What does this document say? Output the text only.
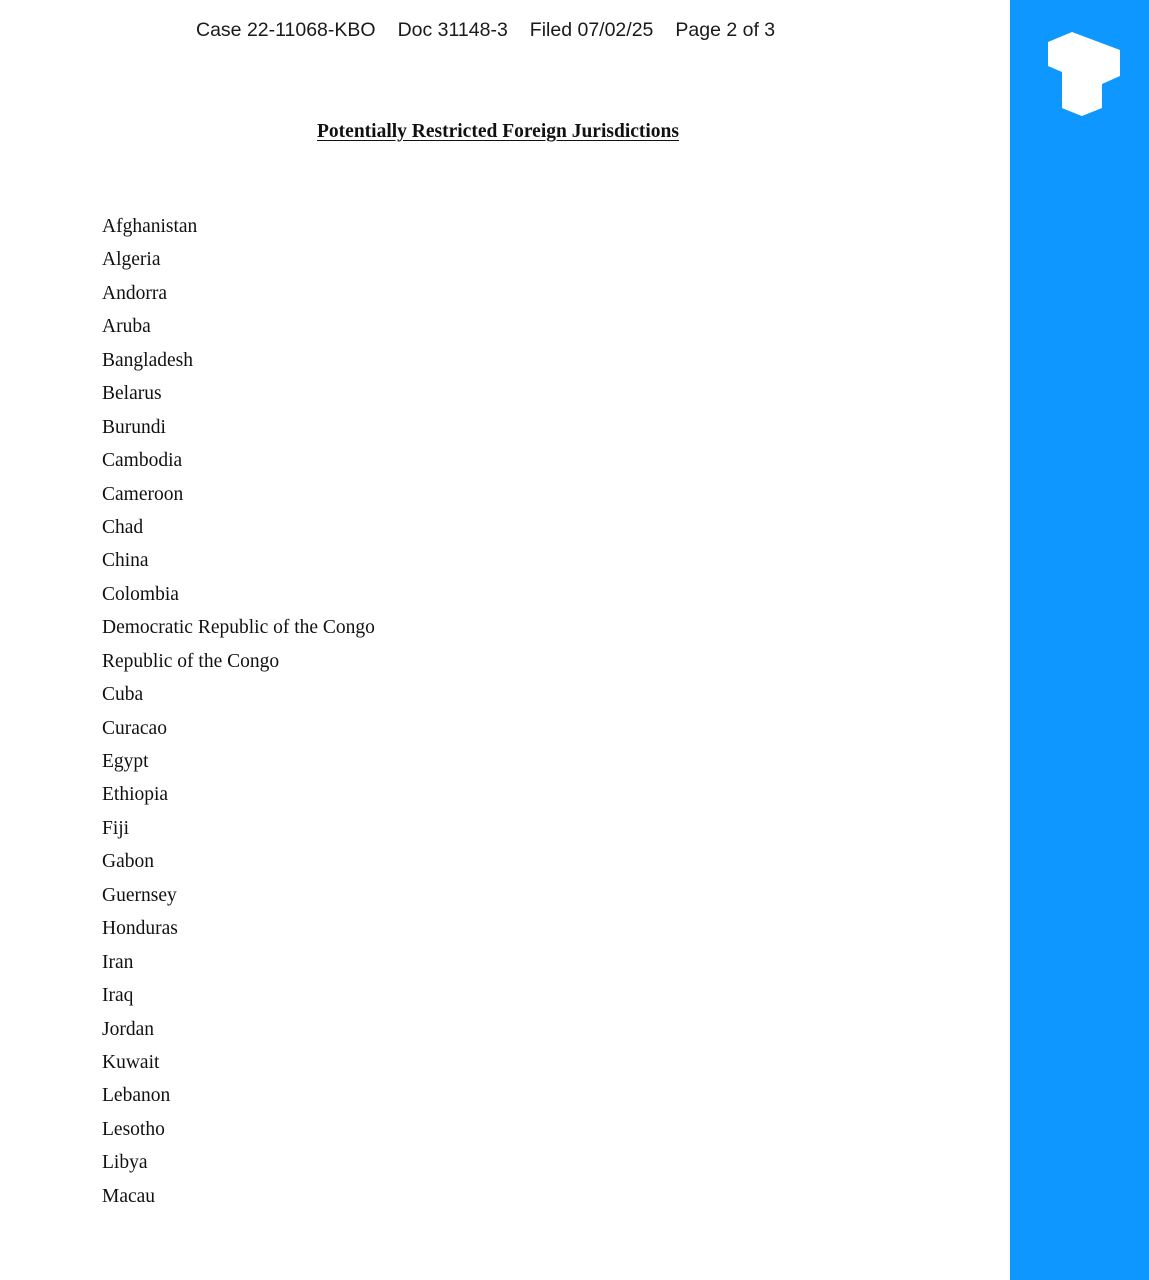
Case 22-11068-KBO Doc 31148-3 Filed 07/02/25 Page 2 of 3
Potentially Restricted Foreign Jurisdictions
Afghanistan
Algeria
Andorra
Aruba
Bangladesh
Belarus
Burundi
Cambodia
Cameroon
Chad
China
Colombia
Democratic Republic of the Congo
Republic of the Congo
Cuba
Curacao
Egypt
Ethiopia
Fiji
Gabon
Guernsey
Honduras
Iran
Iraq
Jordan
Kuwait
Lebanon
Lesotho
Libya
Macau
